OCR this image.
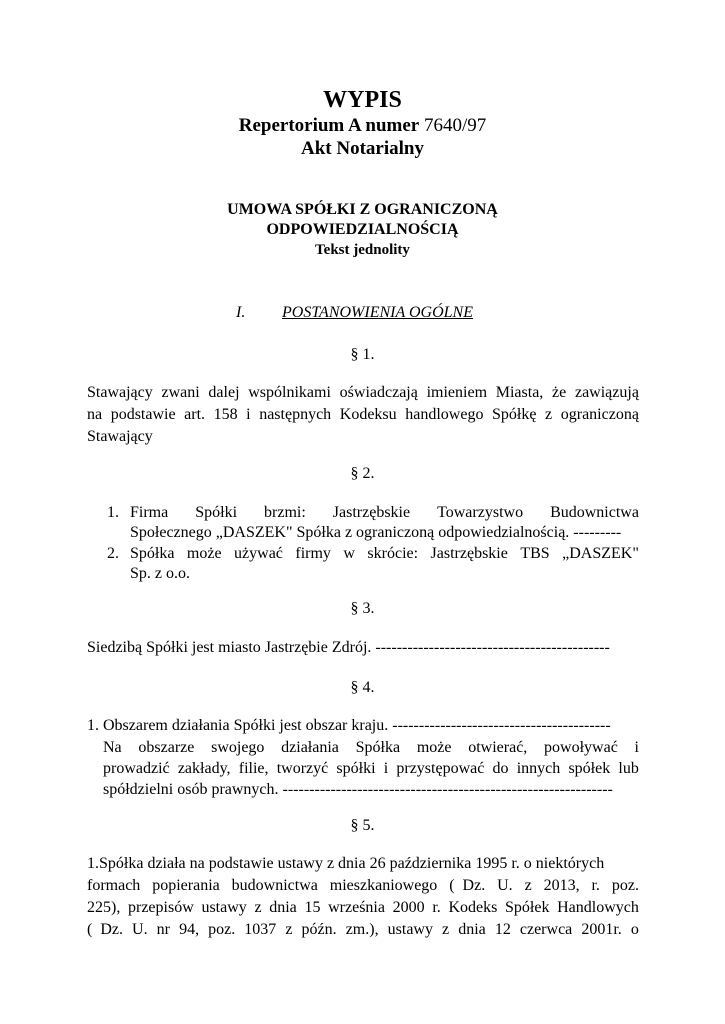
WYPIS
Repertorium A numer 7640/97
Akt Notarialny
UMOWA SPÓŁKI Z OGRANICZONĄ
ODPOWIEDZIALNOŚCIĄ
Tekst jednolity
I. POSTANOWIENIA OGÓLNE
§ 1.
Stawający zwani dalej wspólnikami oświadczają imieniem Miasta, że zawiązują
na podstawie art. 158 i następnych Kodeksu handlowego Spółkę z ograniczoną
Stawający
§ 2.
1. Firma Spółki brzmi: Jastrzębskie Towarzystwo Budownictwa
Społecznego „DASZEK" Spółka z ograniczoną odpowiedzialnością. ---------
2. Spółka może używać firmy w skrócie: Jastrzębskie TBS „DASZEK"
Sp. z o.o.
§ 3.
Siedzibą Spółki jest miasto Jastrzębie Zdrój. --------------------------------------------
§ 4.
1. Obszarem działania Spółki jest obszar kraju. -----------------------------------------
Na obszarze swojego działania Spółka może otwierać, powoływać i
prowadzić zakłady, filie, tworzyć spółki i przystępować do innych spółek lub
spółdzielni osób prawnych. --------------------------------------------------------------
§ 5.
1.Spółka działa na podstawie ustawy z dnia 26 października 1995 r. o niektórych
formach popierania budownictwa mieszkaniowego (  Dz. U. z 2013, r. poz.
225), przepisów ustawy z dnia 15 września 2000 r. Kodeks Spółek Handlowych
(  Dz. U. nr 94, poz. 1037 z późn. zm.), ustawy z dnia 12 czerwca 2001r. o
